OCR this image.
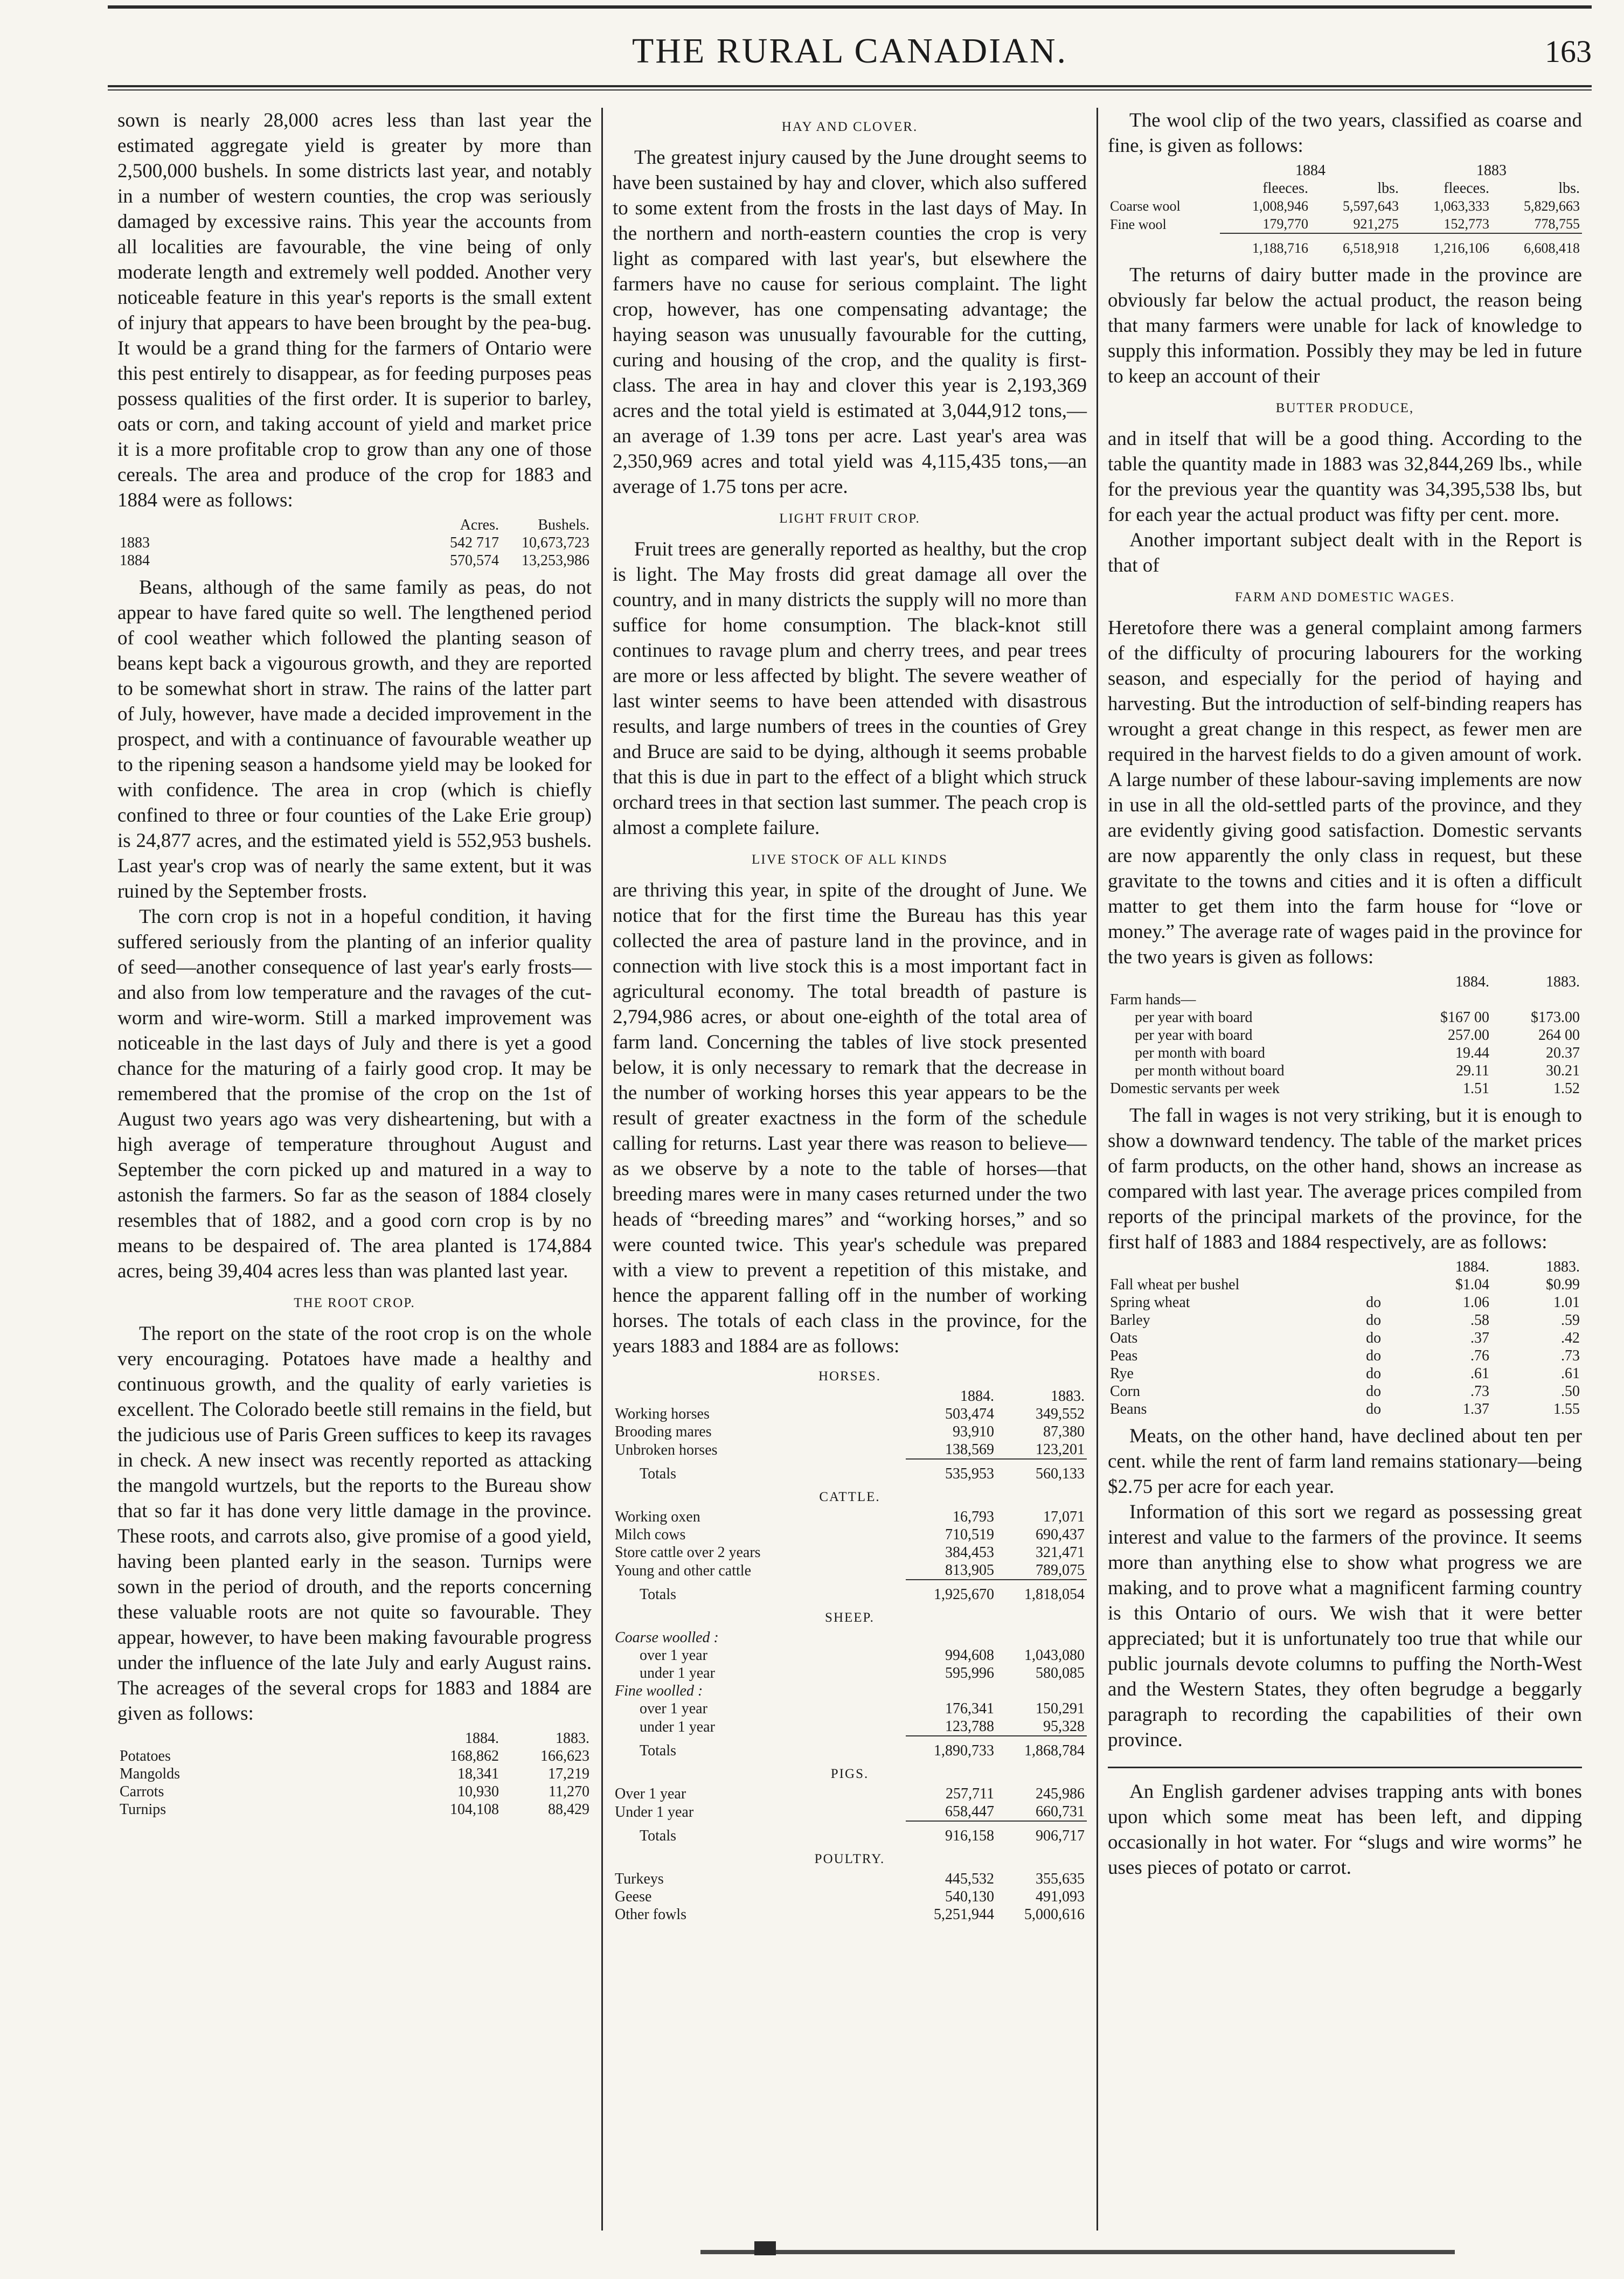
THE RURAL CANADIAN.	163

sown is nearly 28,000 acres less than last year the estimated aggregate yield is greater by more than 2,500,000 bushels. In some districts last year, and notably in a number of western counties, the crop was seriously damaged by excessive rains. This year the accounts from all localities are favourable, the vine being of only moderate length and extremely well podded. Another very noticeable feature in this year's reports is the small extent of injury that appears to have been brought by the pea-bug. It would be a grand thing for the farmers of Ontario were this pest entirely to disappear, as for feeding purposes peas possess qualities of the first order. It is superior to barley, oats or corn, and taking account of yield and market price it is a more profitable crop to grow than any one of those cereals. The area and produce of the crop for 1883 and 1884 were as follows:

	Acres.	Bushels.
1883	542 717	10,673,723
1884	570,574	13,253,986

Beans, although of the same family as peas, do not appear to have fared quite so well. The lengthened period of cool weather which followed the planting season of beans kept back a vigourous growth, and they are reported to be somewhat short in straw. The rains of the latter part of July, however, have made a decided improvement in the prospect, and with a continuance of favourable weather up to the ripening season a handsome yield may be looked for with confidence. The area in crop (which is chiefly confined to three or four counties of the Lake Erie group) is 24,877 acres, and the estimated yield is 552,953 bushels. Last year's crop was of nearly the same extent, but it was ruined by the September frosts.

The corn crop is not in a hopeful condition, it having suffered seriously from the planting of an inferior quality of seed—another consequence of last year's early frosts—and also from low temperature and the ravages of the cut-worm and wire-worm. Still a marked improvement was noticeable in the last days of July and there is yet a good chance for the maturing of a fairly good crop. It may be remembered that the promise of the crop on the 1st of August two years ago was very disheartening, but with a high average of temperature throughout August and September the corn picked up and matured in a way to astonish the farmers. So far as the season of 1884 closely resembles that of 1882, and a good corn crop is by no means to be despaired of. The area planted is 174,884 acres, being 39,404 acres less than was planted last year.

THE ROOT CROP.

The report on the state of the root crop is on the whole very encouraging. Potatoes have made a healthy and continuous growth, and the quality of early varieties is excellent. The Colorado beetle still remains in the field, but the judicious use of Paris Green suffices to keep its ravages in check. A new insect was recently reported as attacking the mangold wurtzels, but the reports to the Bureau show that so far it has done very little damage in the province. These roots, and carrots also, give promise of a good yield, having been planted early in the season. Turnips were sown in the period of drouth, and the reports concerning these valuable roots are not quite so favourable. They appear, however, to have been making favourable progress under the influence of the late July and early August rains. The acreages of the several crops for 1883 and 1884 are given as follows:

	1884.	1883.
Potatoes	168,862	166,623
Mangolds	18,341	17,219
Carrots	10,930	11,270
Turnips	104,108	88,429
HAY AND CLOVER.

The greatest injury caused by the June drought seems to have been sustained by hay and clover, which also suffered to some extent from the frosts in the last days of May. In the northern and north-eastern counties the crop is very light as compared with last year's, but elsewhere the farmers have no cause for serious complaint. The light crop, however, has one compensating advantage; the haying season was unusually favourable for the cutting, curing and housing of the crop, and the quality is first-class. The area in hay and clover this year is 2,193,369 acres and the total yield is estimated at 3,044,912 tons,—an average of 1.39 tons per acre. Last year's area was 2,350,969 acres and total yield was 4,115,435 tons,—an average of 1.75 tons per acre.

LIGHT FRUIT CROP.

Fruit trees are generally reported as healthy, but the crop is light. The May frosts did great damage all over the country, and in many districts the supply will no more than suffice for home consumption. The black-knot still continues to ravage plum and cherry trees, and pear trees are more or less affected by blight. The severe weather of last winter seems to have been attended with disastrous results, and large numbers of trees in the counties of Grey and Bruce are said to be dying, although it seems probable that this is due in part to the effect of a blight which struck orchard trees in that section last summer. The peach crop is almost a complete failure.

LIVE STOCK OF ALL KINDS

are thriving this year, in spite of the drought of June. We notice that for the first time the Bureau has this year collected the area of pasture land in the province, and in connection with live stock this is a most important fact in agricultural economy. The total breadth of pasture is 2,794,986 acres, or about one-eighth of the total area of farm land. Concerning the tables of live stock presented below, it is only necessary to remark that the decrease in the number of working horses this year appears to be the result of greater exactness in the form of the schedule calling for returns. Last year there was reason to believe—as we observe by a note to the table of horses—that breeding mares were in many cases returned under the two heads of “breeding mares” and “working horses,” and so were counted twice. This year's schedule was prepared with a view to prevent a repetition of this mistake, and hence the apparent falling off in the number of working horses. The totals of each class in the province, for the years 1883 and 1884 are as follows:

HORSES.		
	1884.	1883.
Working horses	503,474	349,552
Brooding mares	93,910	87,380
Unbroken horses	138,569	123,201
Totals	535,953	560,133
CATTLE.		
Working oxen	16,793	17,071
Milch cows	710,519	690,437
Store cattle over 2 years	384,453	321,471
Young and other cattle	813,905	789,075
Totals	1,925,670	1,818,054
SHEEP.		
Coarse woolled :		
over 1 year	994,608	1,043,080
under 1 year	595,996	580,085
Fine woolled :		
over 1 year	176,341	150,291
under 1 year	123,788	95,328
Totals	1,890,733	1,868,784
PIGS.		
Over 1 year	257,711	245,986
Under 1 year	658,447	660,731
Totals	916,158	906,717
POULTRY.		
Turkeys	445,532	355,635
Geese	540,130	491,093
Other fowls	5,251,944	5,000,616

The wool clip of the two years, classified as coarse and fine, is given as follows:

	1884		1883	
	fleeces.	lbs.	fleeces.	lbs.
Coarse wool	1,008,946	5,597,643	1,063,333	5,829,663
Fine wool	179,770	921,275	152,773	778,755
	1,188,716	6,518,918	1,216,106	6,608,418

The returns of dairy butter made in the province are obviously far below the actual product, the reason being that many farmers were unable for lack of knowledge to supply this information. Possibly they may be led in future to keep an account of their

BUTTER PRODUCE,

and in itself that will be a good thing. According to the table the quantity made in 1883 was 32,844,269 lbs., while for the previous year the quantity was 34,395,538 lbs, but for each year the actual product was fifty per cent. more.

Another important subject dealt with in the Report is that of

FARM AND DOMESTIC WAGES.

Heretofore there was a general complaint among farmers of the difficulty of procuring labourers for the working season, and especially for the period of haying and harvesting. But the introduction of self-binding reapers has wrought a great change in this respect, as fewer men are required in the harvest fields to do a given amount of work. A large number of these labour-saving implements are now in use in all the old-settled parts of the province, and they are evidently giving good satisfaction. Domestic servants are now apparently the only class in request, but these gravitate to the towns and cities and it is often a difficult matter to get them into the farm house for “love or money.” The average rate of wages paid in the province for the two years is given as follows:

	1884.	1883.
Farm hands—		
per year with board	$167 00	$173.00
per year with board	257.00	264 00
per month with board	19.44	20.37
per month without board	29.11	30.21
Domestic servants per week	1.51	1.52

The fall in wages is not very striking, but it is enough to show a downward tendency. The table of the market prices of farm products, on the other hand, shows an increase as compared with last year. The average prices compiled from reports of the principal markets of the province, for the first half of 1883 and 1884 respectively, are as follows:

		1884.	1883.
Fall wheat per bushel		$1.04	$0.99
Spring wheat	do	1.06	1.01
Barley	do	.58	.59
Oats	do	.37	.42
Peas	do	.76	.73
Rye	do	.61	.61
Corn	do	.73	.50
Beans	do	1.37	1.55

Meats, on the other hand, have declined about ten per cent. while the rent of farm land remains stationary—being $2.75 per acre for each year.

Information of this sort we regard as possessing great interest and value to the farmers of the province. It seems more than anything else to show what progress we are making, and to prove what a magnificent farming country is this Ontario of ours. We wish that it were better appreciated; but it is unfortunately too true that while our public journals devote columns to puffing the North-West and the Western States, they often begrudge a beggarly paragraph to recording the capabilities of their own province.

An English gardener advises trapping ants with bones upon which some meat has been left, and dipping occasionally in hot water. For “slugs and wire worms” he uses pieces of potato or carrot.
